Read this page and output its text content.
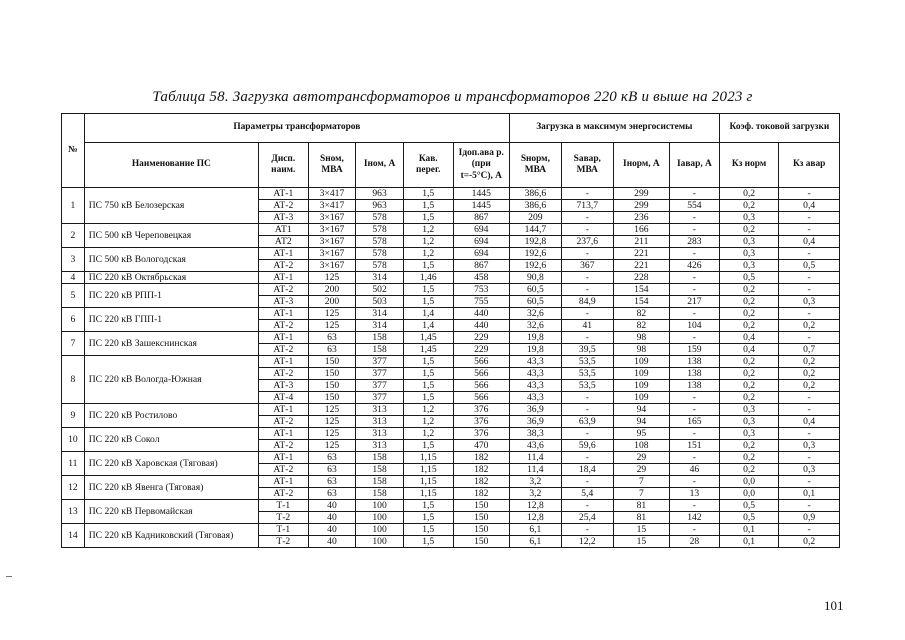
Таблица 58. Загрузка автотрансформаторов и трансформаторов 220 кВ и выше на 2023 г
№	Параметры трансформаторов						Загрузка в максимум энергосистемы				Коэф. токовой загрузки	
	Наименование ПС	Дисп. наим.	Sном, МВА	Iном, А	Кав. перег.	Iдоп.ава р. (при t=-5°С), А	Sнорм, МВА	Sавар, МВА	Iнорм, А	Iавар, А	Кз норм	Кз авар
1	ПС 750 кВ Белозерская	АТ-1	3×417	963	1,5	1445	386,6	-	299	-	0,2	-
		АТ-2	3×417	963	1,5	1445	386,6	713,7	299	554	0,2	0,4
		АТ-3	3×167	578	1,5	867	209	-	236	-	0,3	-
2	ПС 500 кВ Череповецкая	АТ1	3×167	578	1,2	694	144,7	-	166	-	0,2	-
		АТ2	3×167	578	1,2	694	192,8	237,6	211	283	0,3	0,4
3	ПС 500 кВ Вологодская	АТ-1	3×167	578	1,2	694	192,6	-	221	-	0,3	-
		АТ-2	3×167	578	1,5	867	192,6	367	221	426	0,3	0,5
4	ПС 220 кВ Октябрьская	АТ-1	125	314	1,46	458	90,8	-	228	-	0,5	-
5	ПС 220 кВ РПП-1	АТ-2	200	502	1,5	753	60,5	-	154	-	0,2	-
		АТ-3	200	503	1,5	755	60,5	84,9	154	217	0,2	0,3
6	ПС 220 кВ ГПП-1	АТ-1	125	314	1,4	440	32,6	-	82	-	0,2	-
		АТ-2	125	314	1,4	440	32,6	41	82	104	0,2	0,2
7	ПС 220 кВ Зашекснинская	АТ-1	63	158	1,45	229	19,8	-	98	-	0,4	-
		АТ-2	63	158	1,45	229	19,8	39,5	98	159	0,4	0,7
8	ПС 220 кВ Вологда-Южная	АТ-1	150	377	1,5	566	43,3	53,5	109	138	0,2	0,2
		АТ-2	150	377	1,5	566	43,3	53,5	109	138	0,2	0,2
		АТ-3	150	377	1,5	566	43,3	53,5	109	138	0,2	0,2
		АТ-4	150	377	1,5	566	43,3	-	109	-	0,2	-
9	ПС 220 кВ Ростилово	АТ-1	125	313	1,2	376	36,9	-	94	-	0,3	-
		АТ-2	125	313	1,2	376	36,9	63,9	94	165	0,3	0,4
10	ПС 220 кВ Сокол	АТ-1	125	313	1,2	376	38,3	-	95	-	0,3	-
		АТ-2	125	313	1,5	470	43,6	59,6	108	151	0,2	0,3
11	ПС 220 кВ Харовская (Тяговая)	АТ-1	63	158	1,15	182	11,4	-	29	-	0,2	-
		АТ-2	63	158	1,15	182	11,4	18,4	29	46	0,2	0,3
12	ПС 220 кВ Явенга (Тяговая)	АТ-1	63	158	1,15	182	3,2	-	7	-	0,0	-
		АТ-2	63	158	1,15	182	3,2	5,4	7	13	0,0	0,1
13	ПС 220 кВ Первомайская	Т-1	40	100	1,5	150	12,8	-	81	-	0,5	-
		Т-2	40	100	1,5	150	12,8	25,4	81	142	0,5	0,9
14	ПС 220 кВ Кадниковский (Тяговая)	Т-1	40	100	1,5	150	6,1	-	15	-	0,1	-
		Т-2	40	100	1,5	150	6,1	12,2	15	28	0,1	0,2
101
